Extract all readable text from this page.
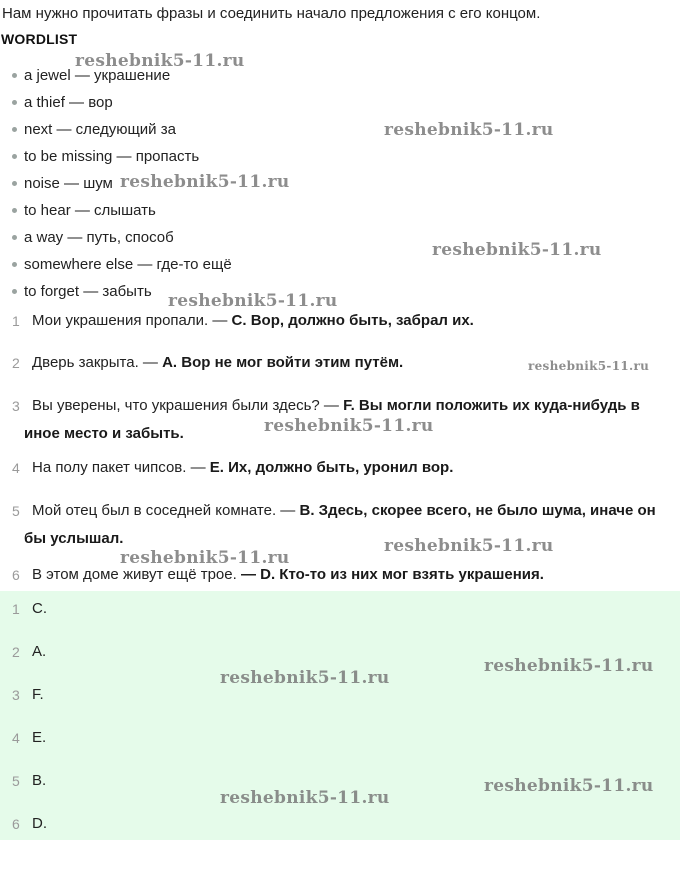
Нам нужно прочитать фразы и соединить начало предложения с его концом.
WORDLIST
a jewel — украшение
a thief — вор
next — следующий за
to be missing — пропасть
noise — шум
to hear — слышать
a way — путь, способ
somewhere else — где-то ещё
to forget — забыть
1 Мои украшения пропали. — C. Вор, должно быть, забрал их.
2 Дверь закрыта. — A. Вор не мог войти этим путём.
3 Вы уверены, что украшения были здесь? — F. Вы могли положить их куда-нибудь в
иное место и забыть.
4 На полу пакет чипсов. — E. Их, должно быть, уронил вор.
5 Мой отец был в соседней комнате. — B. Здесь, скорее всего, не было шума, иначе он
бы услышал.
6 В этом доме живут ещё трое. — D. Кто-то из них мог взять украшения.
1 C.
2 A.
3 F.
4 E.
5 B.
6 D.
reshebnik5-11.ru
reshebnik5-11.ru
reshebnik5-11.ru
reshebnik5-11.ru
reshebnik5-11.ru
reshebnik5-11.ru
reshebnik5-11.ru
reshebnik5-11.ru
reshebnik5-11.ru
reshebnik5-11.ru
reshebnik5-11.ru
reshebnik5-11.ru
reshebnik5-11.ru
